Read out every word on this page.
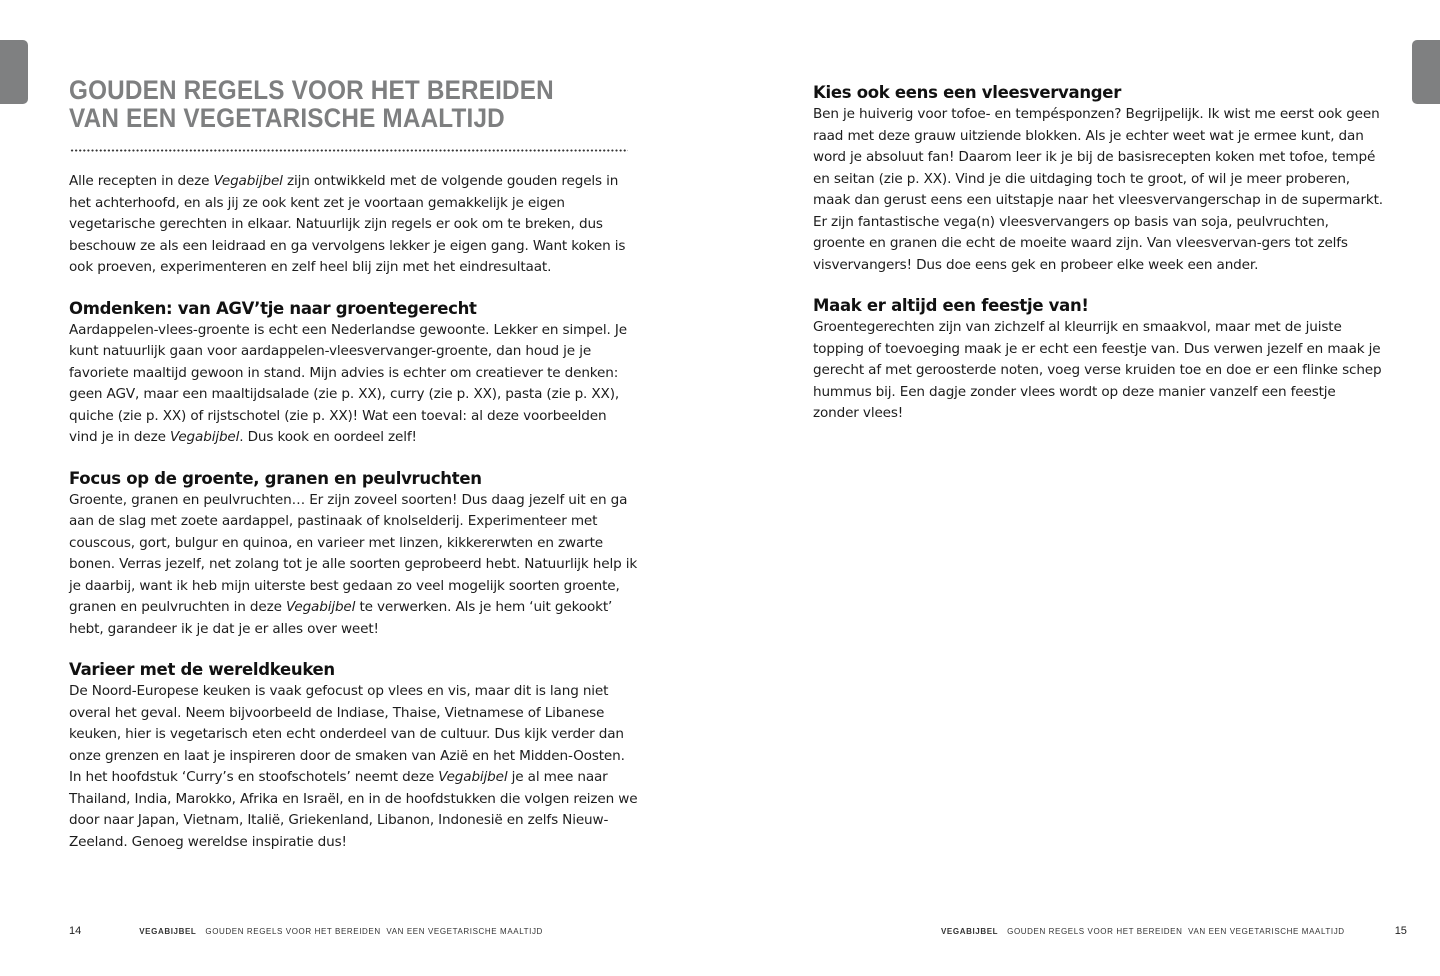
GOUDEN REGELS VOOR HET BEREIDEN
VAN EEN VEGETARISCHE MAALTIJD

Alle recepten in deze Vegabijbel zijn ontwikkeld met de volgende gouden regels in het achterhoofd, en als jij ze ook kent zet je voortaan gemakkelijk je eigen vegetarische gerechten in elkaar. Natuurlijk zijn regels er ook om te breken, dus beschouw ze als een leidraad en ga vervolgens lekker je eigen gang. Want koken is ook proeven, experimenteren en zelf heel blij zijn met het eindresultaat.

Omdenken: van AGV’tje naar groentegerecht

Aardappelen-vlees-groente is echt een Nederlandse gewoonte. Lekker en simpel. Je kunt natuurlijk gaan voor aardappelen-vleesvervanger-groente, dan houd je je favoriete maaltijd gewoon in stand. Mijn advies is echter om creatiever te denken: geen AGV, maar een maaltijdsalade (zie p. XX), curry (zie p. XX), pasta (zie p. XX), quiche (zie p. XX) of rijstschotel (zie p. XX)! Wat een toeval: al deze voorbeelden vind je in deze Vegabijbel. Dus kook en oordeel zelf!

Focus op de groente, granen en peulvruchten

Groente, granen en peulvruchten… Er zijn zoveel soorten! Dus daag jezelf uit en ga aan de slag met zoete aardappel, pastinaak of knolselderij. Experimenteer met couscous, gort, bulgur en quinoa, en varieer met linzen, kikkererwten en zwarte bonen. Verras jezelf, net zolang tot je alle soorten geprobeerd hebt. Natuurlijk help ik je daarbij, want ik heb mijn uiterste best gedaan zo veel mogelijk soorten groente, granen en peulvruchten in deze Vegabijbel te verwerken. Als je hem ‘uit gekookt’ hebt, garandeer ik je dat je er alles over weet!

Varieer met de wereldkeuken

De Noord-Europese keuken is vaak gefocust op vlees en vis, maar dit is lang niet overal het geval. Neem bijvoorbeeld de Indiase, Thaise, Vietnamese of Libanese keuken, hier is vegetarisch eten echt onderdeel van de cultuur. Dus kijk verder dan onze grenzen en laat je inspireren door de smaken van Azië en het Midden-Oosten. In het hoofdstuk ‘Curry’s en stoofschotels’ neemt deze Vegabijbel je al mee naar Thailand, India, Marokko, Afrika en Israël, en in de hoofdstukken die volgen reizen we door naar Japan, Vietnam, Italië, Griekenland, Libanon, Indonesië en zelfs Nieuw-Zeeland. Genoeg wereldse inspiratie dus!

Kies ook eens een vleesvervanger

Ben je huiverig voor tofoe- en tempésponzen? Begrijpelijk. Ik wist me eerst ook geen raad met deze grauw uitziende blokken. Als je echter weet wat je ermee kunt, dan word je absoluut fan! Daarom leer ik je bij de basisrecepten koken met tofoe, tempé en seitan (zie p. XX). Vind je die uitdaging toch te groot, of wil je meer proberen, maak dan gerust eens een uitstapje naar het vleesvervangerschap in de supermarkt. Er zijn fantastische vega(n) vleesvervangers op basis van soja, peulvruchten, groente en granen die echt de moeite waard zijn. Van vleesvervan-gers tot zelfs visvervangers! Dus doe eens gek en probeer elke week een ander.

Maak er altijd een feestje van!

Groentegerechten zijn van zichzelf al kleurrijk en smaakvol, maar met de juiste topping of toevoeging maak je er echt een feestje van. Dus verwen jezelf en maak je gerecht af met geroosterde noten, voeg verse kruiden toe en doe er een flinke schep hummus bij. Een dagje zonder vlees wordt op deze manier vanzelf een feestje zonder vlees!

14	VEGABIJBEL GOUDEN REGELS VOOR HET BEREIDEN  VAN EEN VEGETARISCHE MAALTIJD	VEGABIJBEL GOUDEN REGELS VOOR HET BEREIDEN  VAN EEN VEGETARISCHE MAALTIJD	15
